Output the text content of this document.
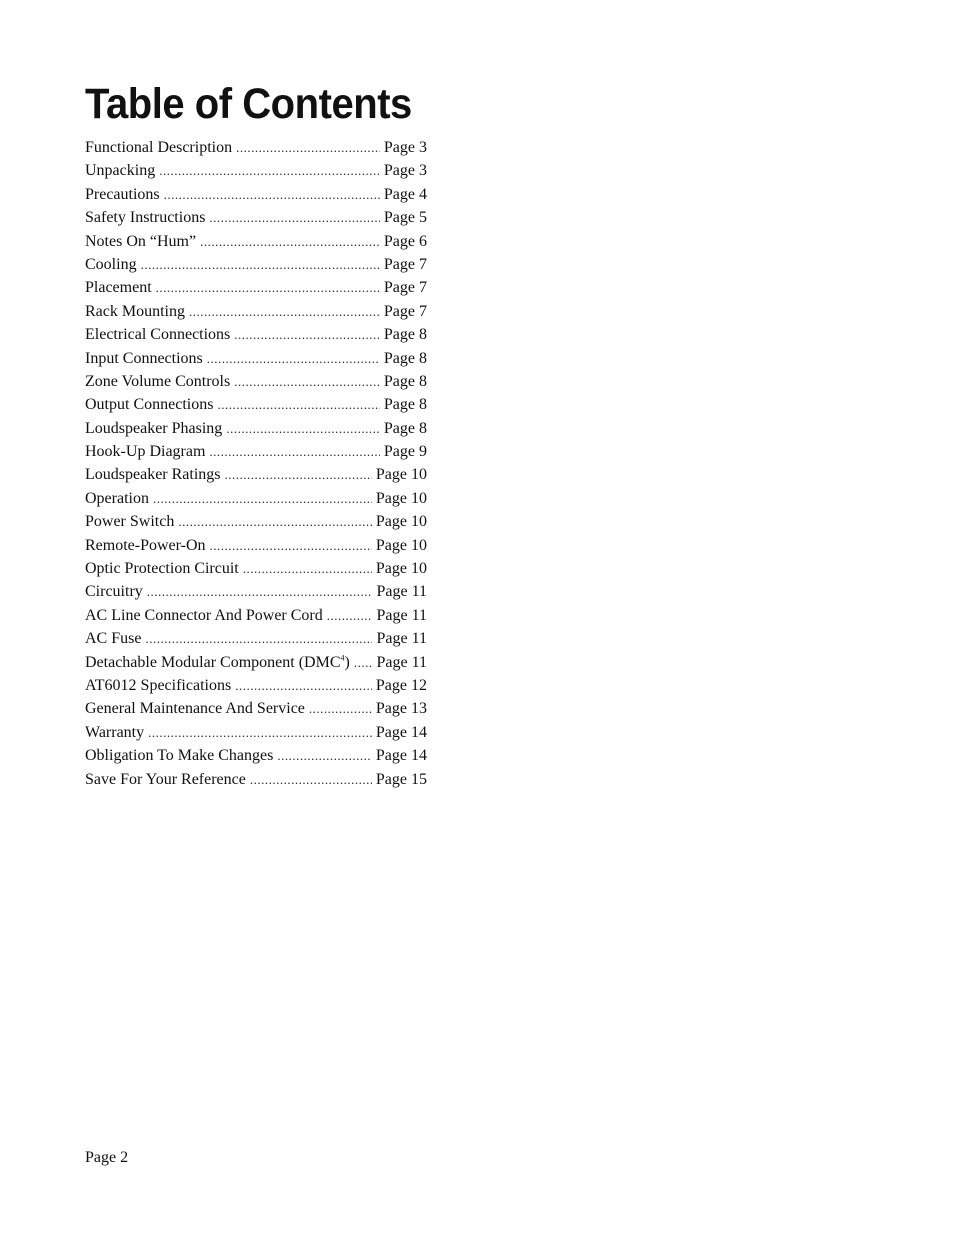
Table of Contents
Functional Description .....	Page 3
Unpacking .....	Page 3
Precautions .....	Page 4
Safety Instructions .....	Page 5
Notes On “Hum” .....	Page 6
Cooling .....	Page 7
Placement .....	Page 7
Rack Mounting .....	Page 7
Electrical Connections .....	Page 8
Input Connections .....	Page 8
Zone Volume Controls .....	Page 8
Output Connections .....	Page 8
Loudspeaker Phasing .....	Page 8
Hook-Up Diagram .....	Page 9
Loudspeaker Ratings .....	Page 10
Operation .....	Page 10
Power Switch .....	Page 10
Remote-Power-On .....	Page 10
Optic Protection Circuit .....	Page 10
Circuitry .....	Page 11
AC Line Connector And Power Cord .....	Page 11
AC Fuse .....	Page 11
Detachable Modular Component (DMC$^4$) ..... Page 11
AT6012 Specifications .....	Page 12
General Maintenance And Service .....	Page 13
Warranty .....	Page 14
Obligation To Make Changes .....	Page 14
Save For Your Reference .....	Page 15

Page 2
